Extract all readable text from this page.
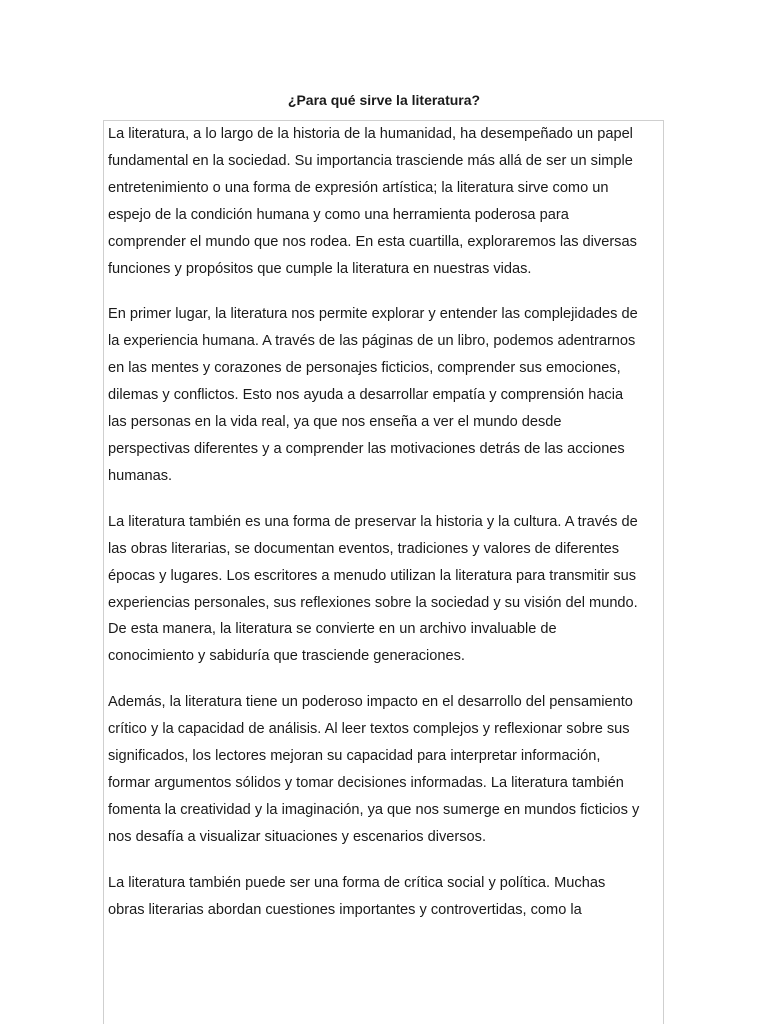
¿Para qué sirve la literatura?

La literatura, a lo largo de la historia de la humanidad, ha desempeñado un papel
fundamental en la sociedad. Su importancia trasciende más allá de ser un simple
entretenimiento o una forma de expresión artística; la literatura sirve como un
espejo de la condición humana y como una herramienta poderosa para
comprender el mundo que nos rodea. En esta cuartilla, exploraremos las diversas
funciones y propósitos que cumple la literatura en nuestras vidas.

En primer lugar, la literatura nos permite explorar y entender las complejidades de
la experiencia humana. A través de las páginas de un libro, podemos adentrarnos
en las mentes y corazones de personajes ficticios, comprender sus emociones,
dilemas y conflictos. Esto nos ayuda a desarrollar empatía y comprensión hacia
las personas en la vida real, ya que nos enseña a ver el mundo desde
perspectivas diferentes y a comprender las motivaciones detrás de las acciones
humanas.

La literatura también es una forma de preservar la historia y la cultura. A través de
las obras literarias, se documentan eventos, tradiciones y valores de diferentes
épocas y lugares. Los escritores a menudo utilizan la literatura para transmitir sus
experiencias personales, sus reflexiones sobre la sociedad y su visión del mundo.
De esta manera, la literatura se convierte en un archivo invaluable de
conocimiento y sabiduría que trasciende generaciones.

Además, la literatura tiene un poderoso impacto en el desarrollo del pensamiento
crítico y la capacidad de análisis. Al leer textos complejos y reflexionar sobre sus
significados, los lectores mejoran su capacidad para interpretar información,
formar argumentos sólidos y tomar decisiones informadas. La literatura también
fomenta la creatividad y la imaginación, ya que nos sumerge en mundos ficticios y
nos desafía a visualizar situaciones y escenarios diversos.

La literatura también puede ser una forma de crítica social y política. Muchas
obras literarias abordan cuestiones importantes y controvertidas, como la
